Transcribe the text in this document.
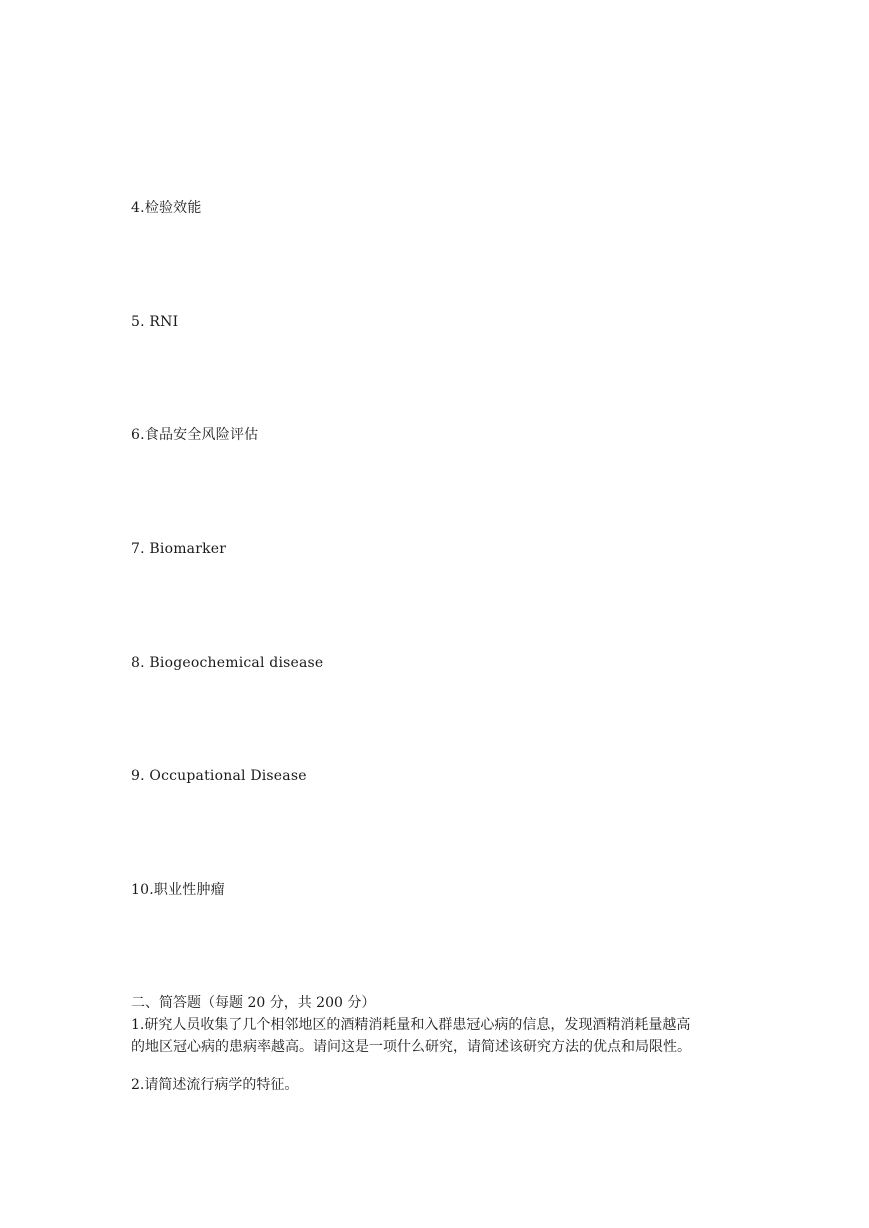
4.检验效能
5. RNI
6.食品安全风险评估
7. Biomarker
8. Biogeochemical disease
9. Occupational Disease
10.职业性肿瘤
二、简答题（每题 20 分，共 200 分）
1.研究人员收集了几个相邻地区的酒精消耗量和入群患冠心病的信息，发现酒精消耗量越高
的地区冠心病的患病率越高。请问这是一项什么研究，请简述该研究方法的优点和局限性。
2.请简述流行病学的特征。
